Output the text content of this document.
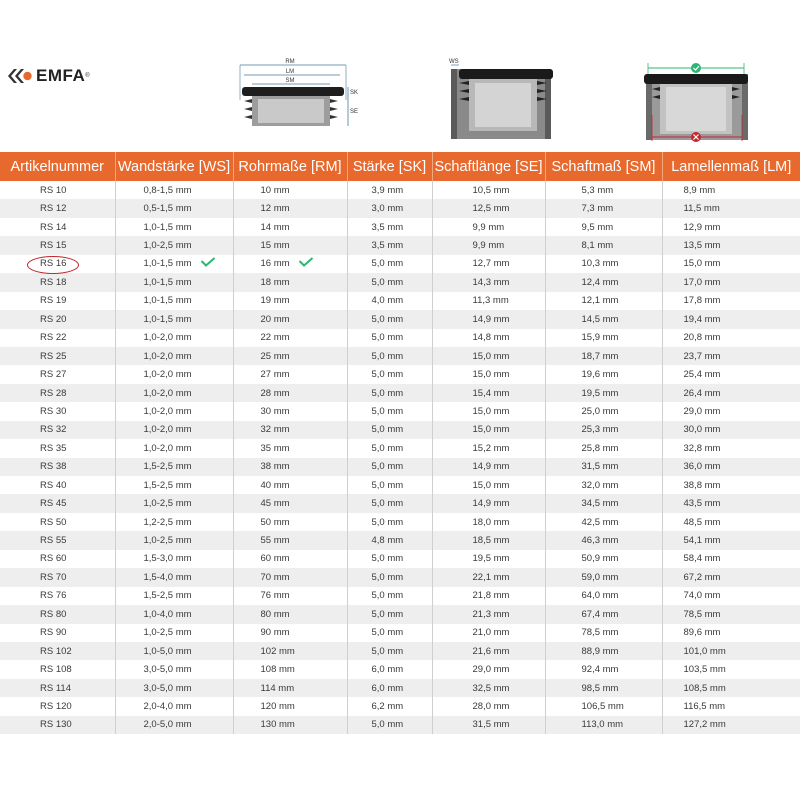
EMFA ®
RM
LM
SM
SK
SE
WS
Artikelnummer	Wandstärke [WS]	Rohrmaße [RM]	Stärke [SK]	Schaftlänge [SE]	Schaftmaß [SM]	Lamellenmaß [LM]
RS 10	0,8-1,5 mm	10 mm	3,9 mm	10,5 mm	5,3 mm	8,9 mm
RS 12	0,5-1,5 mm	12 mm	3,0 mm	12,5 mm	7,3 mm	11,5 mm
RS 14	1,0-1,5 mm	14 mm	3,5 mm	9,9 mm	9,5 mm	12,9 mm
RS 15	1,0-2,5 mm	15 mm	3,5 mm	9,9 mm	8,1 mm	13,5 mm
RS 16	1,0-1,5 mm	16 mm	5,0 mm	12,7 mm	10,3 mm	15,0 mm
RS 18	1,0-1,5 mm	18 mm	5,0 mm	14,3 mm	12,4 mm	17,0 mm
RS 19	1,0-1,5 mm	19 mm	4,0 mm	11,3 mm	12,1 mm	17,8 mm
RS 20	1,0-1,5 mm	20 mm	5,0 mm	14,9 mm	14,5 mm	19,4 mm
RS 22	1,0-2,0 mm	22 mm	5,0 mm	14,8 mm	15,9 mm	20,8 mm
RS 25	1,0-2,0 mm	25 mm	5,0 mm	15,0 mm	18,7 mm	23,7 mm
RS 27	1,0-2,0 mm	27 mm	5,0 mm	15,0 mm	19,6 mm	25,4 mm
RS 28	1,0-2,0 mm	28 mm	5,0 mm	15,4 mm	19,5 mm	26,4 mm
RS 30	1,0-2,0 mm	30 mm	5,0 mm	15,0 mm	25,0 mm	29,0 mm
RS 32	1,0-2,0 mm	32 mm	5,0 mm	15,0 mm	25,3 mm	30,0 mm
RS 35	1,0-2,0 mm	35 mm	5,0 mm	15,2 mm	25,8 mm	32,8 mm
RS 38	1,5-2,5 mm	38 mm	5,0 mm	14,9 mm	31,5 mm	36,0 mm
RS 40	1,5-2,5 mm	40 mm	5,0 mm	15,0 mm	32,0 mm	38,8 mm
RS 45	1,0-2,5 mm	45 mm	5,0 mm	14,9 mm	34,5 mm	43,5 mm
RS 50	1,2-2,5 mm	50 mm	5,0 mm	18,0 mm	42,5 mm	48,5 mm
RS 55	1,0-2,5 mm	55 mm	4,8 mm	18,5 mm	46,3 mm	54,1 mm
RS 60	1,5-3,0 mm	60 mm	5,0 mm	19,5 mm	50,9 mm	58,4 mm
RS 70	1,5-4,0 mm	70 mm	5,0 mm	22,1 mm	59,0 mm	67,2 mm
RS 76	1,5-2,5 mm	76 mm	5,0 mm	21,8 mm	64,0 mm	74,0 mm
RS 80	1,0-4,0 mm	80 mm	5,0 mm	21,3 mm	67,4 mm	78,5 mm
RS 90	1,0-2,5 mm	90 mm	5,0 mm	21,0 mm	78,5 mm	89,6 mm
RS 102	1,0-5,0 mm	102 mm	5,0 mm	21,6 mm	88,9 mm	101,0 mm
RS 108	3,0-5,0 mm	108 mm	6,0 mm	29,0 mm	92,4 mm	103,5 mm
RS 114	3,0-5,0 mm	114 mm	6,0 mm	32,5 mm	98,5 mm	108,5 mm
RS 120	2,0-4,0 mm	120 mm	6,2 mm	28,0 mm	106,5 mm	116,5 mm
RS 130	2,0-5,0 mm	130 mm	5,0 mm	31,5 mm	113,0 mm	127,2 mm
